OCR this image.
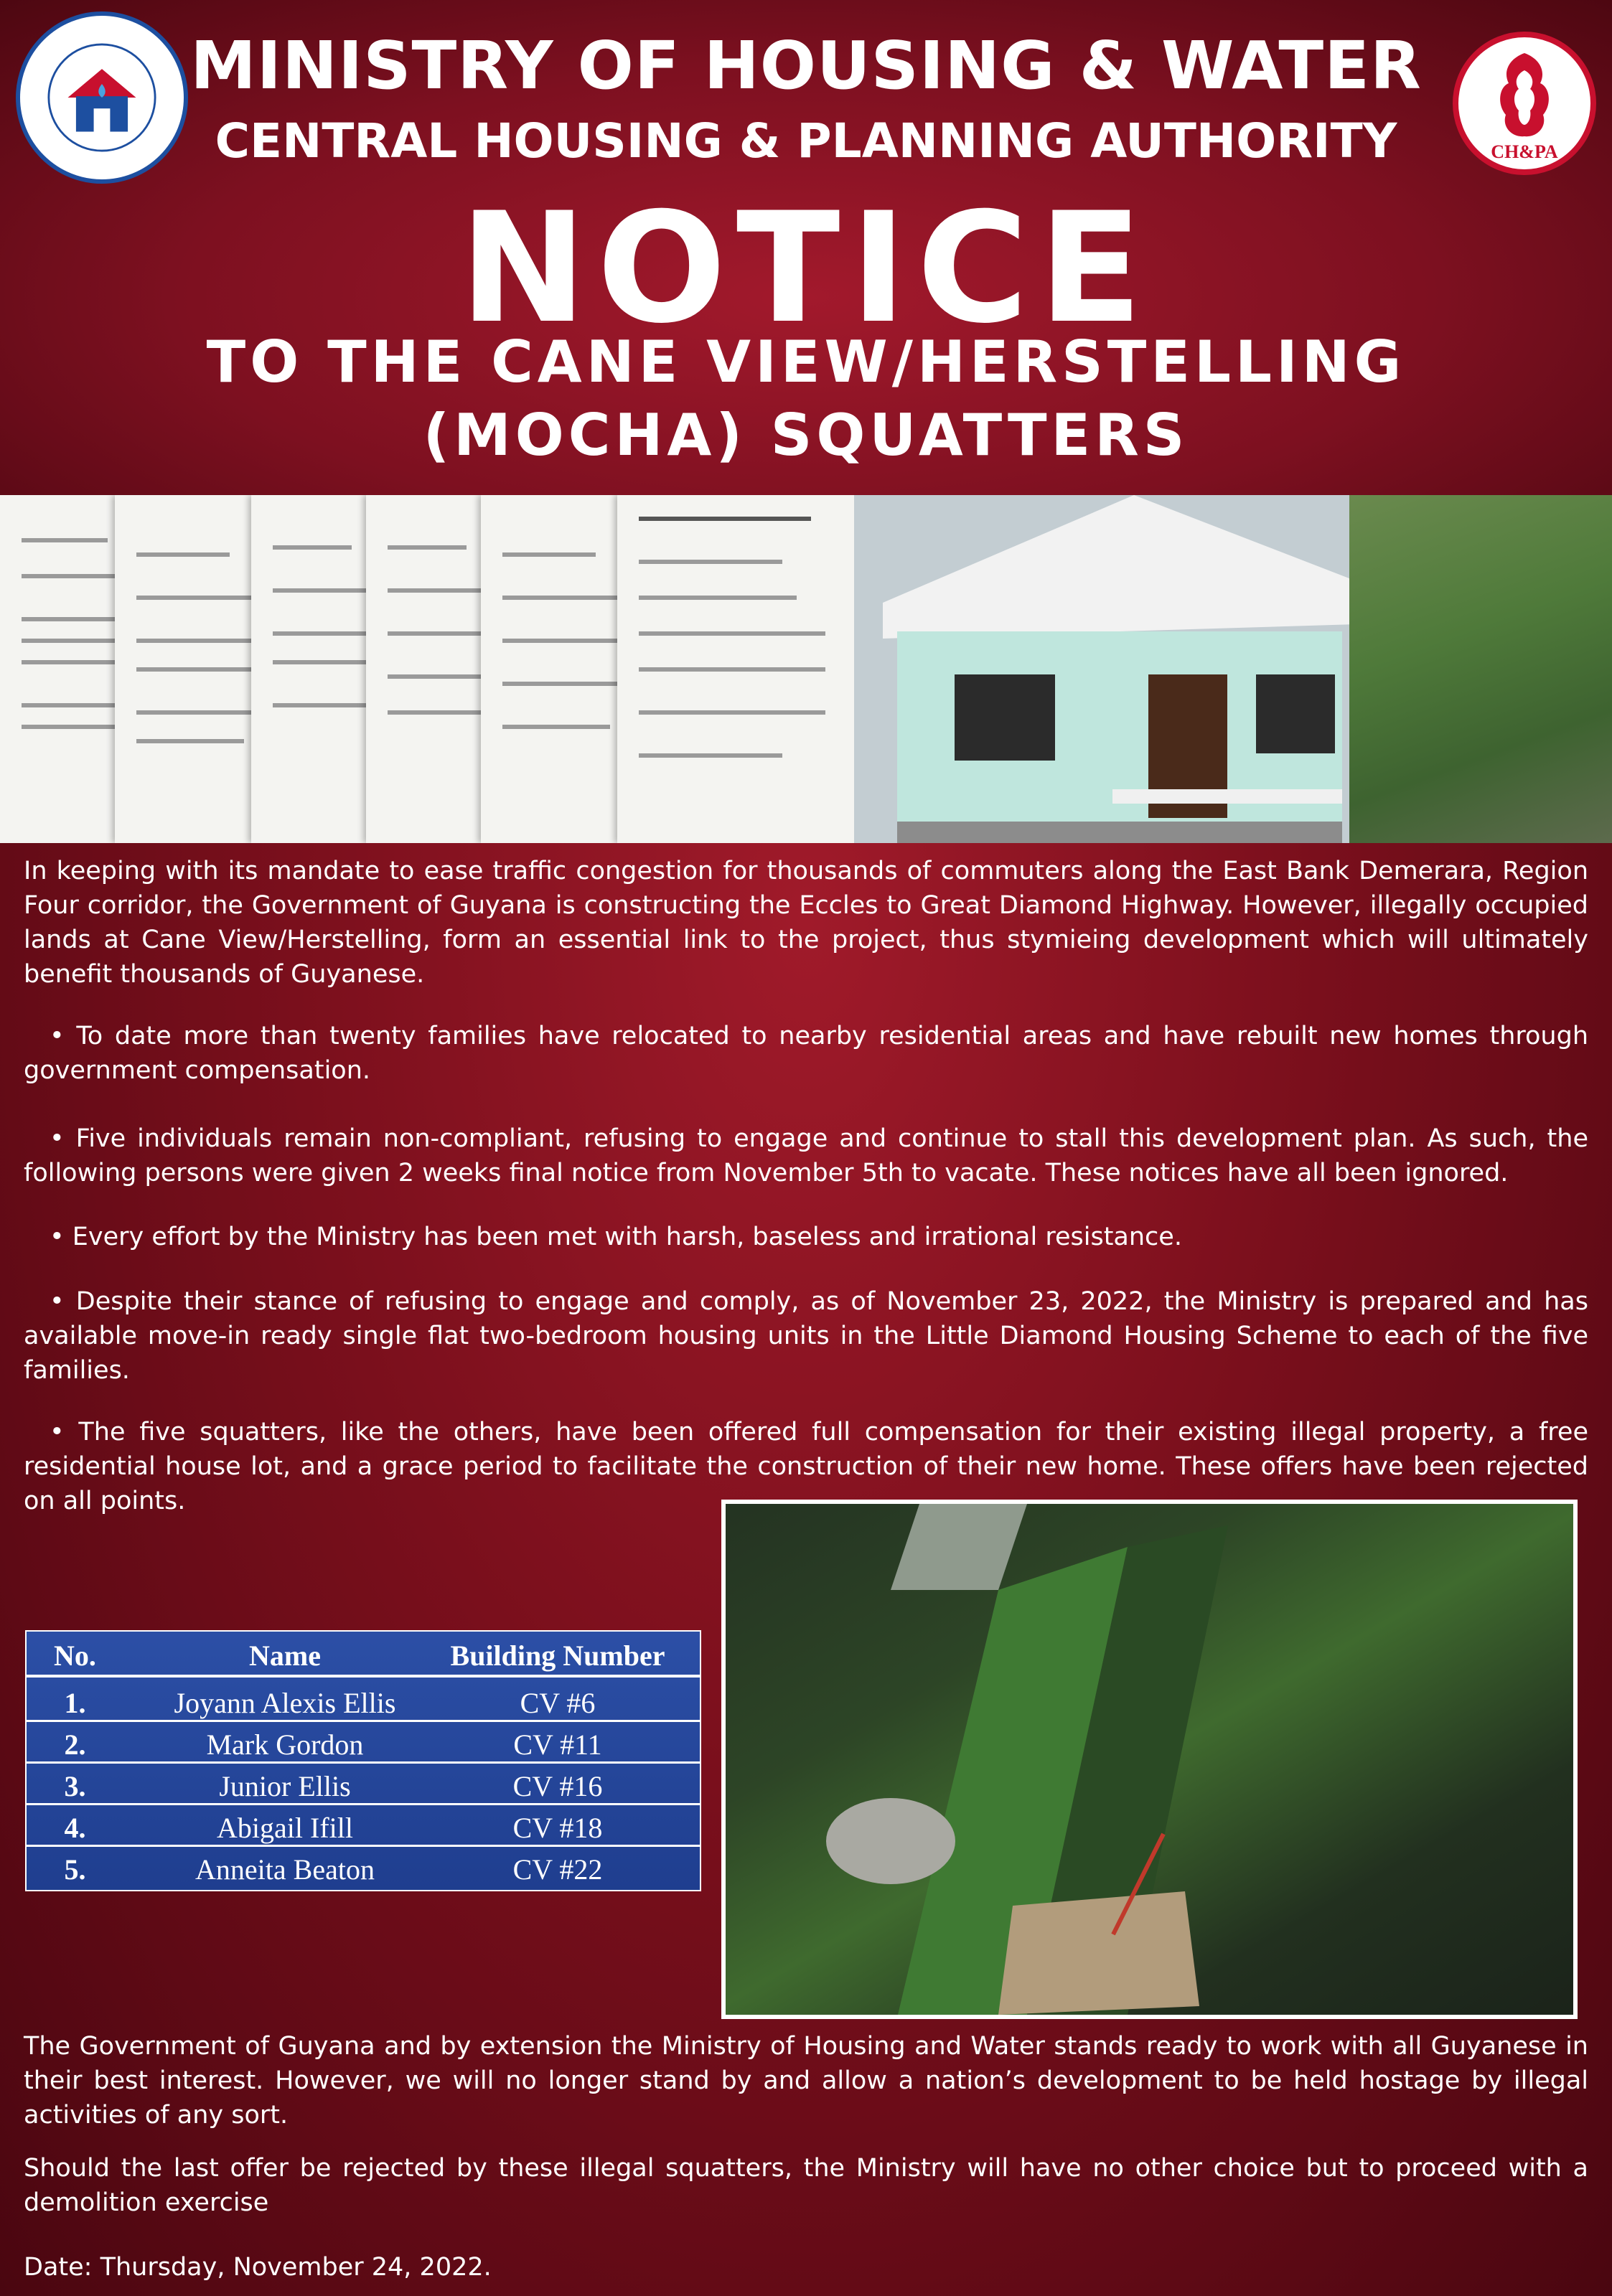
MINISTRY OF HOUSING & WATER
CENTRAL HOUSING & PLANNING AUTHORITY
NOTICE
TO THE CANE VIEW/HERSTELLING
(MOCHA) SQUATTERS
CH&PA
In keeping with its mandate to ease traffic congestion for thousands of commuters along the East Bank Demerara, Region Four corridor, the Government of Guyana is constructing the Eccles to Great Diamond Highway. However, illegally occupied lands at Cane View/Herstelling, form an essential link to the project, thus stymieing development which will ultimately benefit thousands of Guyanese.
• To date more than twenty families have relocated to nearby residential areas and have rebuilt new homes through government compensation.
• Five individuals remain non-compliant, refusing to engage and continue to stall this development plan. As such, the following persons were given 2 weeks final notice from November 5th to vacate. These notices have all been ignored.
• Every effort by the Ministry has been met with harsh, baseless and irrational resistance.
• Despite their stance of refusing to engage and comply, as of November 23, 2022, the Ministry is prepared and has available move-in ready single flat two-bedroom housing units in the Little Diamond Housing Scheme to each of the five families.
• The five squatters, like the others, have been offered full compensation for their existing illegal property, a free residential house lot, and a grace period to facilitate the construction of their new home. These offers have been rejected on all points.
No.	Name	Building Number
1.	Joyann Alexis Ellis	CV #6
2.	Mark Gordon	CV #11
3.	Junior Ellis	CV #16
4.	Abigail Ifill	CV #18
5.	Anneita Beaton	CV #22
The Government of Guyana and by extension the Ministry of Housing and Water stands ready to work with all Guyanese in their best interest. However, we will no longer stand by and allow a nation’s development to be held hostage by illegal activities of any sort.
Should the last offer be rejected by these illegal squatters, the Ministry will have no other choice but to proceed with a demolition exercise
Date: Thursday, November 24, 2022.
